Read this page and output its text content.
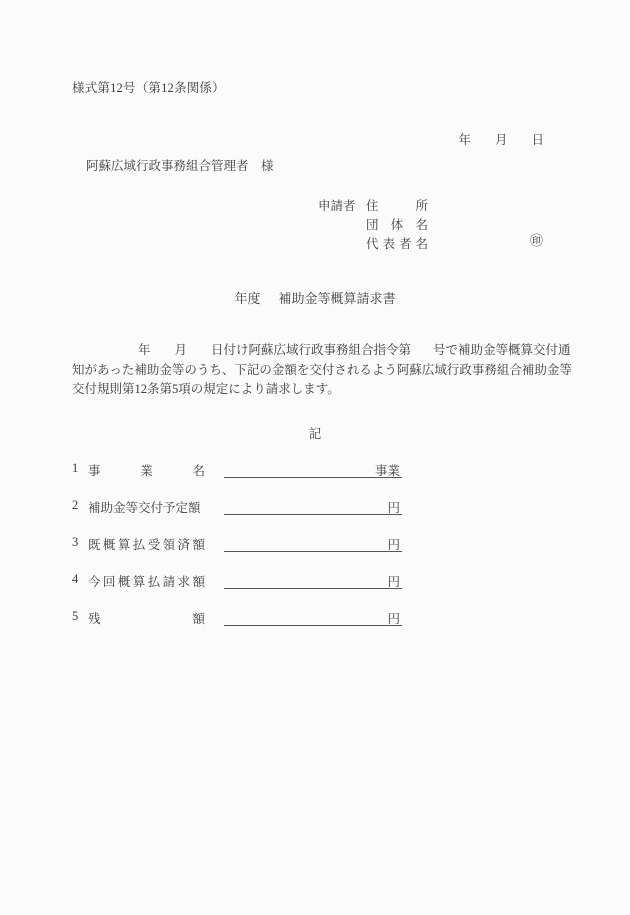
様式第12号（第12条関係）

年 月 日

阿蘇広域行政事務組合管理者　様
申請者 住	所
団 体 名
代 表 者 名	㊞
年度 補助金等概算請求書
年 月 日付け阿蘇広域行政事務組合指令第 号で補助金等概算交付通
知があった補助金等のうち、下記の金額を交付されるよう阿蘇広域行政事務組合補助金等
交付規則第12条第5項の規定により請求します。
記
1 事	業	名	事業
2 補助金等交付予定額	円
3 既 概 算 払 受 領 済 額	円
4 今 回 概 算 払 請 求 額	円
5 残	額	円
